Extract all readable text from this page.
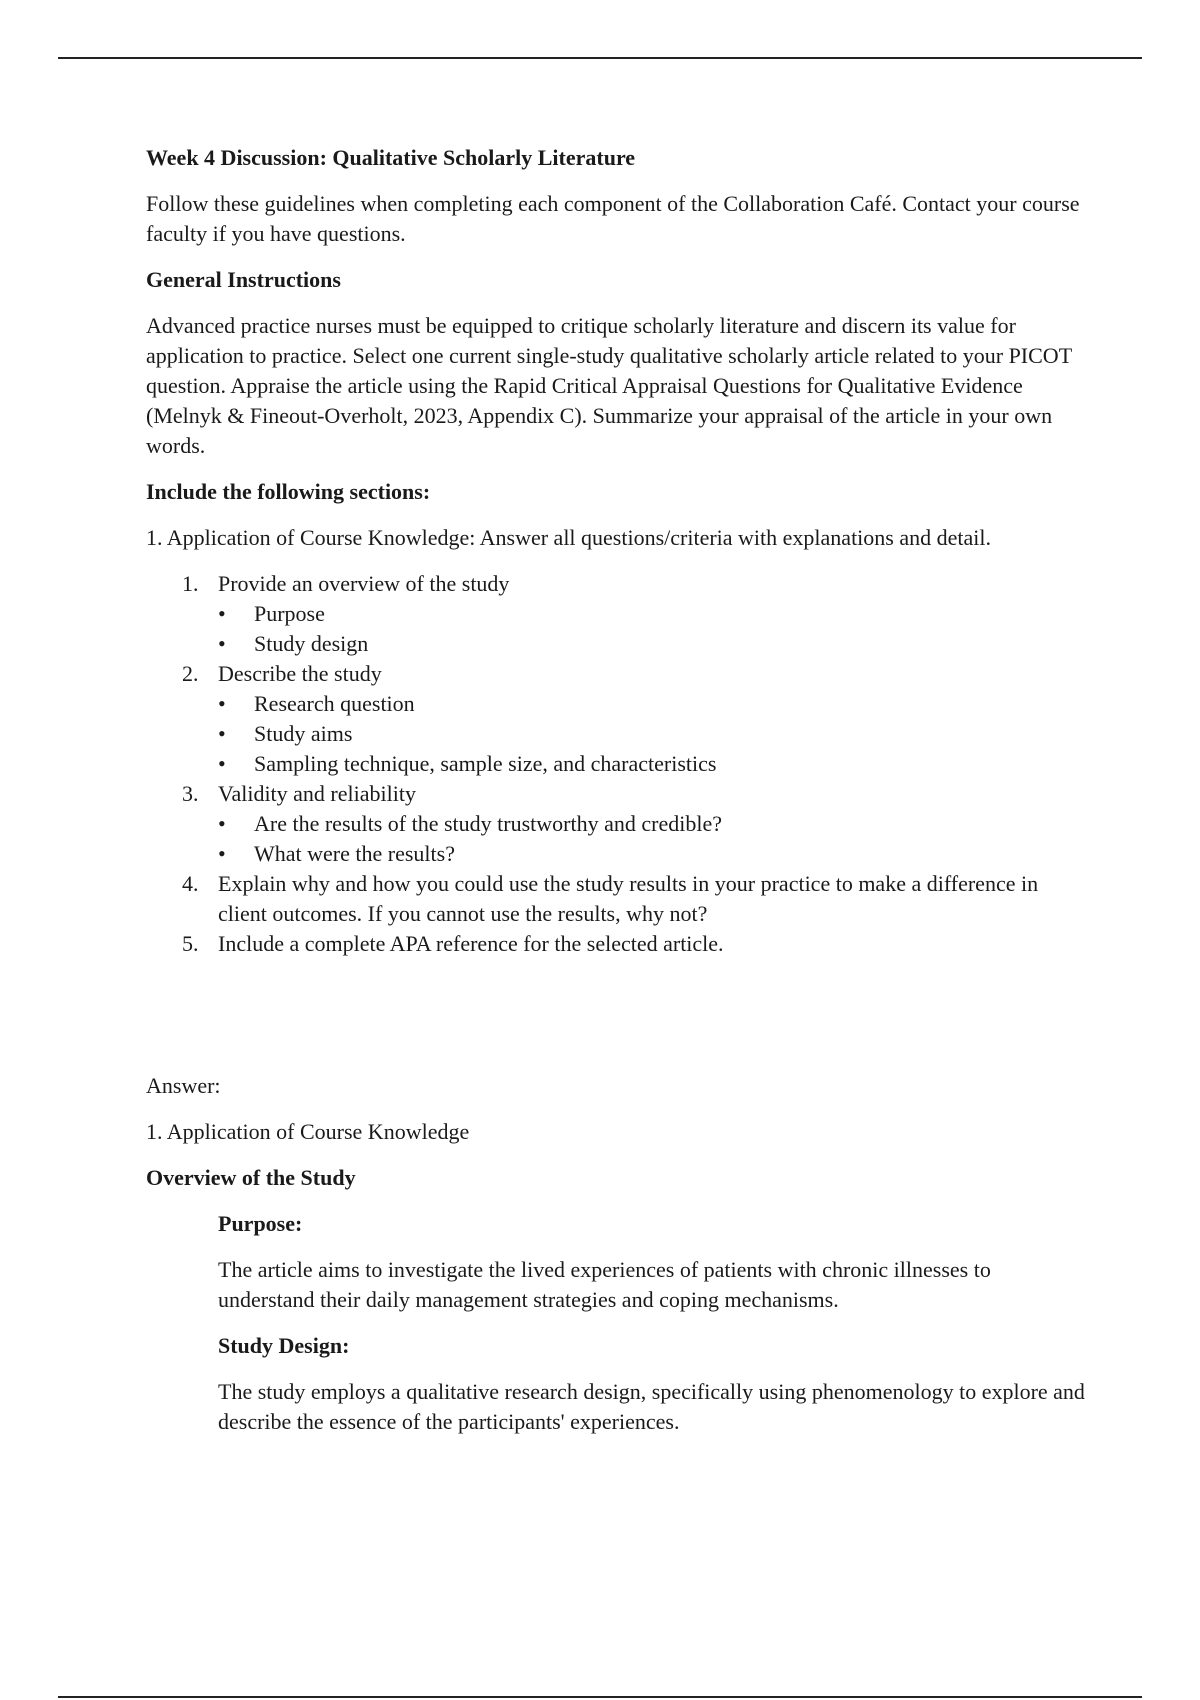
Week 4 Discussion: Qualitative Scholarly Literature

Follow these guidelines when completing each component of the Collaboration Café. Contact your course faculty if you have questions.

General Instructions

Advanced practice nurses must be equipped to critique scholarly literature and discern its value for application to practice. Select one current single-study qualitative scholarly article related to your PICOT question. Appraise the article using the Rapid Critical Appraisal Questions for Qualitative Evidence (Melnyk & Fineout-Overholt, 2023, Appendix C). Summarize your appraisal of the article in your own words.

Include the following sections:

1. Application of Course Knowledge: Answer all questions/criteria with explanations and detail.

1. Provide an overview of the study
• Purpose
• Study design
2. Describe the study
• Research question
• Study aims
• Sampling technique, sample size, and characteristics
3. Validity and reliability
• Are the results of the study trustworthy and credible?
• What were the results?
4. Explain why and how you could use the study results in your practice to make a difference in client outcomes. If you cannot use the results, why not?
5. Include a complete APA reference for the selected article.

Answer:

1. Application of Course Knowledge

Overview of the Study

Purpose:

The article aims to investigate the lived experiences of patients with chronic illnesses to understand their daily management strategies and coping mechanisms.

Study Design:

The study employs a qualitative research design, specifically using phenomenology to explore and describe the essence of the participants' experiences.
